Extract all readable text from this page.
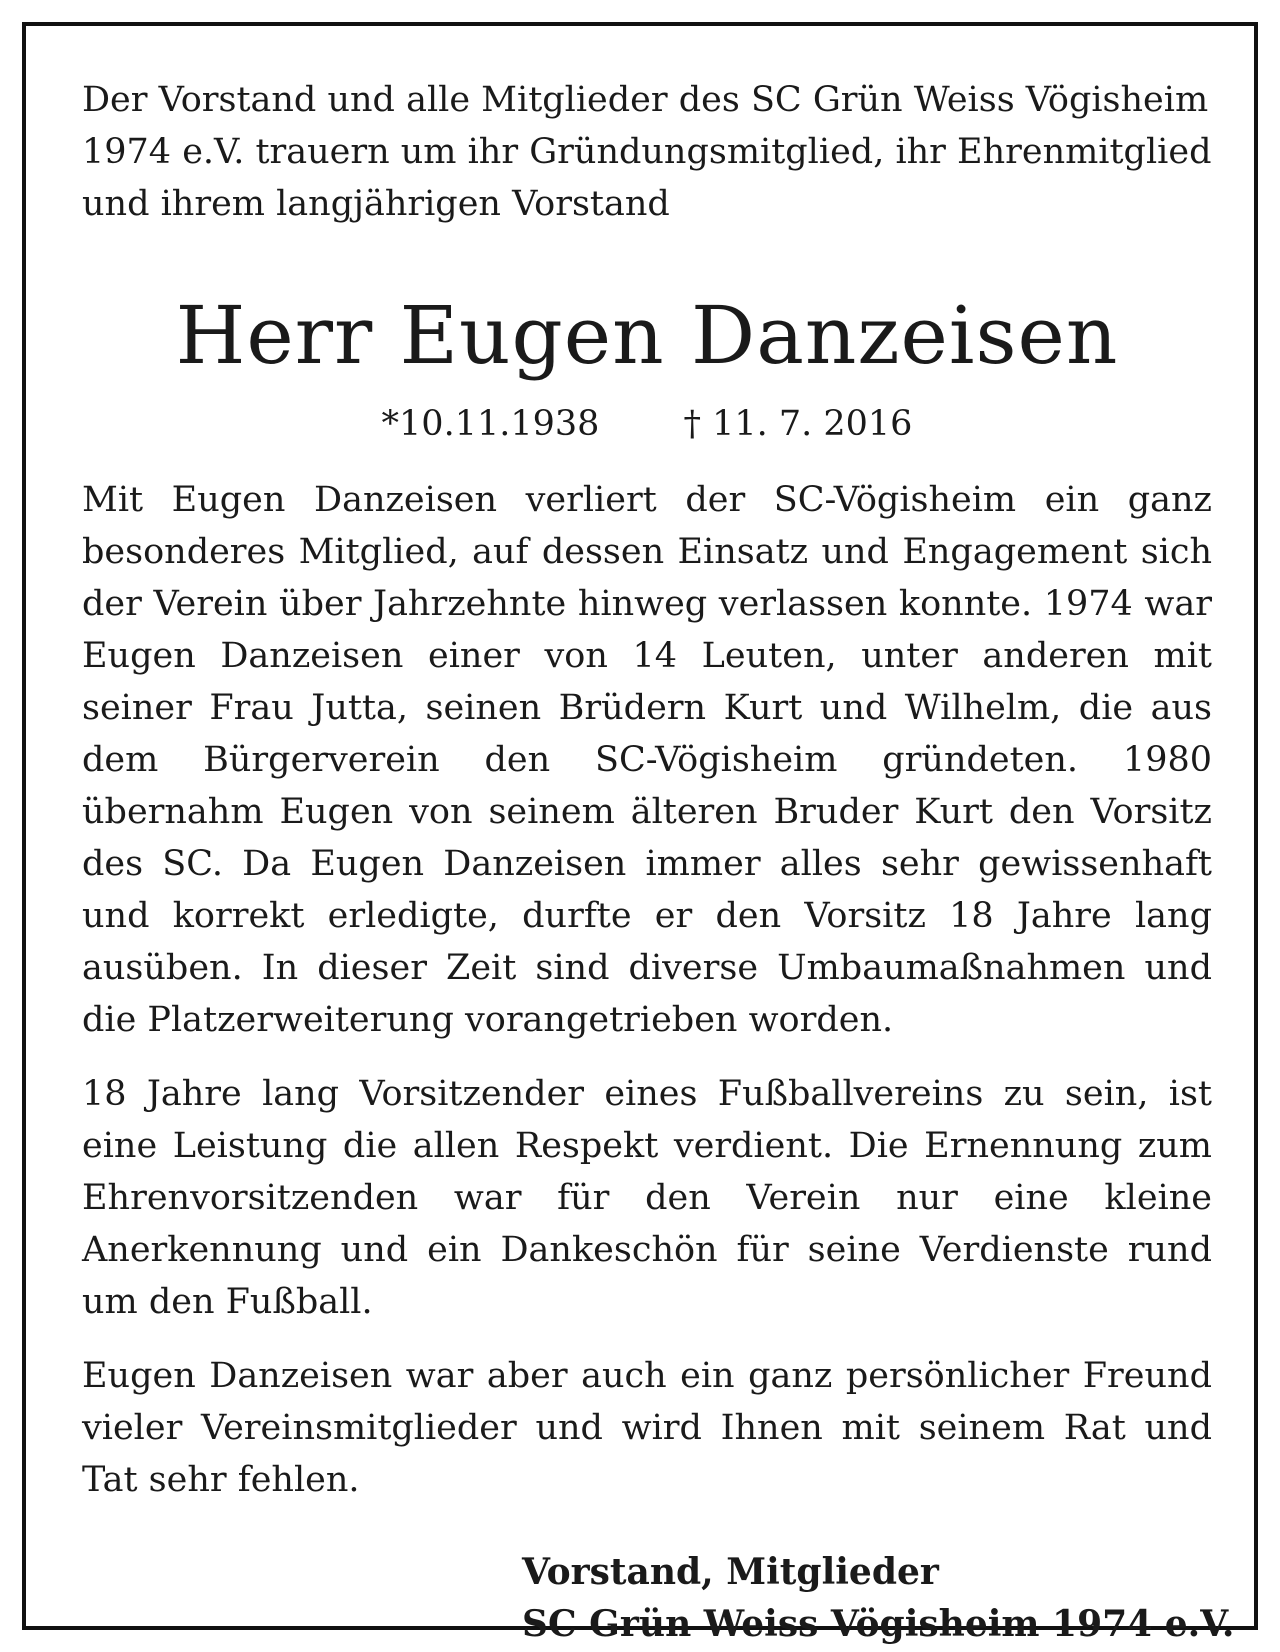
Der Vorstand und alle Mitglieder des SC Grün Weiss Vögisheim
1974 e.V. trauern um ihr Gründungsmitglied, ihr Ehrenmitglied
und ihrem langjährigen Vorstand

Herr Eugen Danzeisen
*10.11.1938 † 11. 7. 2016

Mit Eugen Danzeisen verliert der SC-Vögisheim ein ganz besonderes Mitglied, auf dessen Einsatz und Engagement sich der Verein über Jahrzehnte hinweg verlassen konnte. 1974 war Eugen Danzeisen einer von 14 Leuten, unter anderen mit seiner Frau Jutta, seinen Brüdern Kurt und Wilhelm, die aus dem Bürgerverein den SC-Vögisheim gründeten. 1980 übernahm Eugen von seinem älteren Bruder Kurt den Vorsitz des SC. Da Eugen Danzeisen immer alles sehr gewissenhaft und korrekt erledigte, durfte er den Vorsitz 18 Jahre lang ausüben. In dieser Zeit sind diverse Umbaumaßnahmen und die Platzerweiterung vorangetrieben worden.

18 Jahre lang Vorsitzender eines Fußballvereins zu sein, ist eine Leistung die allen Respekt verdient. Die Ernennung zum Ehrenvorsitzenden war für den Verein nur eine kleine Anerkennung und ein Dankeschön für seine Verdienste rund um den Fußball.

Eugen Danzeisen war aber auch ein ganz persönlicher Freund vieler Vereinsmitglieder und wird Ihnen mit seinem Rat und Tat sehr fehlen.

Vorstand, Mitglieder
SC Grün Weiss Vögisheim 1974 e.V.
